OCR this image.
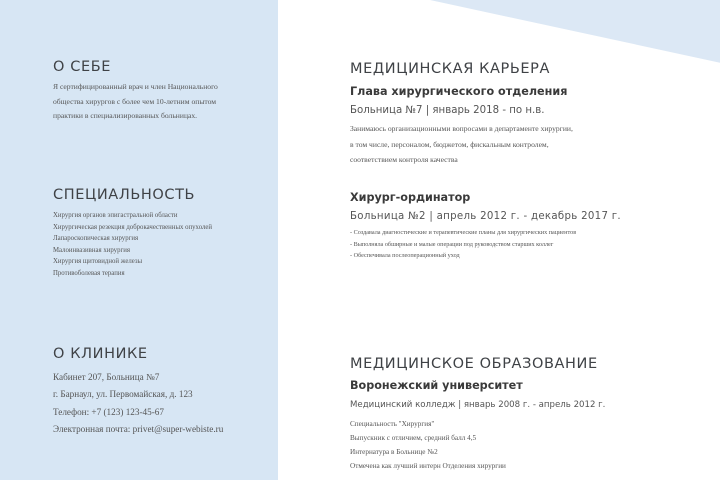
О СЕБЕ
Я сертифицированный врач и член Национального
общества хирургов с более чем 10-летним опытом
практики в специализированных больницах.
СПЕЦИАЛЬНОСТЬ
Хирургия органов эпигастральной области
Хирургическая резекция доброкачественных опухолей
Лапароскопическая хирургия
Малоинвазивная хирургия
Хирургия щитовидной железы
Противоболевая терапия
О КЛИНИКЕ
Кабинет 207, Больница №7
г. Барнаул, ул. Первомайская, д. 123
Телефон: +7 (123) 123-45-67
Электронная почта: privet@super-webiste.ru
МЕДИЦИНСКАЯ КАРЬЕРА
Глава хирургического отделения
Больница №7 | январь 2018 - по н.в.
Занимаюсь организационными вопросами в департаменте хирургии,
в том числе, персоналом, бюджетом, фискальным контролем,
соответствием контроля качества
Хирург-ординатор
Больница №2 | апрель 2012 г. - декабрь 2017 г.
- Создавала диагностические и терапевтические планы для хирургических пациентов
- Выполняла обширные и малые операции под руководством старших коллег
- Обеспечивала послеоперационный уход
МЕДИЦИНСКОЕ ОБРАЗОВАНИЕ
Воронежский университет
Медицинский колледж | январь 2008 г. - апрель 2012 г.
Специальность "Хирургия"
Выпускник с отличием, средний балл 4,5
Интернатура в Больнице №2
Отмечена как лучший интерн Отделения хирургии
